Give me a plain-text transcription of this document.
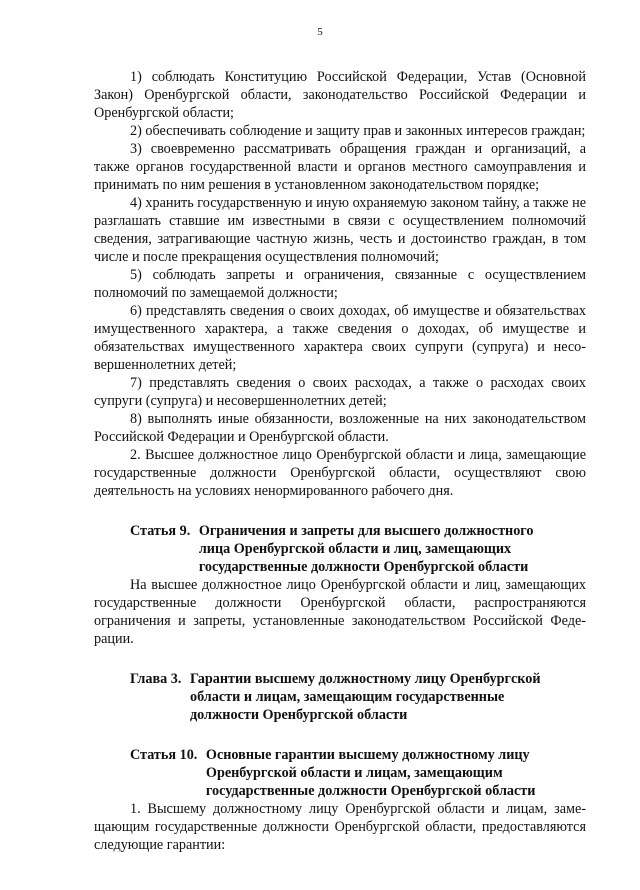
5

1) соблюдать Конституцию Российской Федерации, Устав (Основной Закон) Оренбургской области, законодательство Российской Федерации и Оренбургской области;

2) обеспечивать соблюдение и защиту прав и законных интересов граждан;

3) своевременно рассматривать обращения граждан и организаций, а также органов государственной власти и органов местного самоуправления и принимать по ним решения в установленном законодательством порядке;

4) хранить государственную и иную охраняемую законом тайну, а также не разглашать ставшие им известными в связи с осуществлением полномочий сведения, затрагивающие частную жизнь, честь и достоинство граждан, в том числе и после прекращения осуществления полномочий;

5) соблюдать запреты и ограничения, связанные с осуществлением полномочий по замещаемой должности;

6) представлять сведения о своих доходах, об имуществе и обязательствах имущественного характера, а также сведения о доходах, об имуществе и обязательствах имущественного характера своих супруги (супруга) и несовершеннолетних детей;

7) представлять сведения о своих расходах, а также о расходах своих супруги (супруга) и несовершеннолетних детей;

8) выполнять иные обязанности, возложенные на них законодательством Российской Федерации и Оренбургской области.

2. Высшее должностное лицо Оренбургской области и лица, замещающие государственные должности Оренбургской области, осуществляют свою деятельность на условиях ненормированного рабочего дня.

Статья 9. Ограничения и запреты для высшего должностного лица Оренбургской области и лиц, замещающих государственные должности Оренбургской области

На высшее должностное лицо Оренбургской области и лиц, замещающих государственные должности Оренбургской области, распространяются ограничения и запреты, установленные законодательством Российской Федерации.

Глава 3. Гарантии высшему должностному лицу Оренбургской области и лицам, замещающим государственные должности Оренбургской области
Статья 10. Основные гарантии высшему должностному лицу Оренбургской области и лицам, замещающим государственные должности Оренбургской области

1. Высшему должностному лицу Оренбургской области и лицам, замещающим государственные должности Оренбургской области, предоставляются следующие гарантии:
